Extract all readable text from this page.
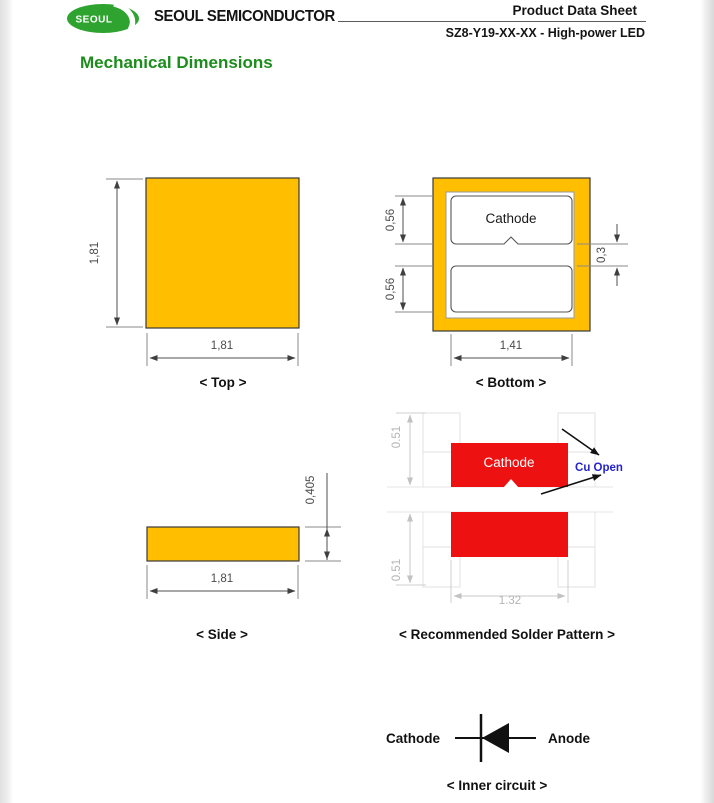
SEOUL	SEOUL SEMICONDUCTOR	Product Data Sheet
SZ8-Y19-XX-XX - High-power LED
Mechanical Dimensions
1,81
1,81
< Top >
Cathode
0,56
0,56
0,3
1,41
< Bottom >
0,405
1,81
< Side >
Cathode
0.51
0.51
1.32
Cu Open
< Recommended Solder Pattern >
Cathode	Anode
< Inner circuit >
